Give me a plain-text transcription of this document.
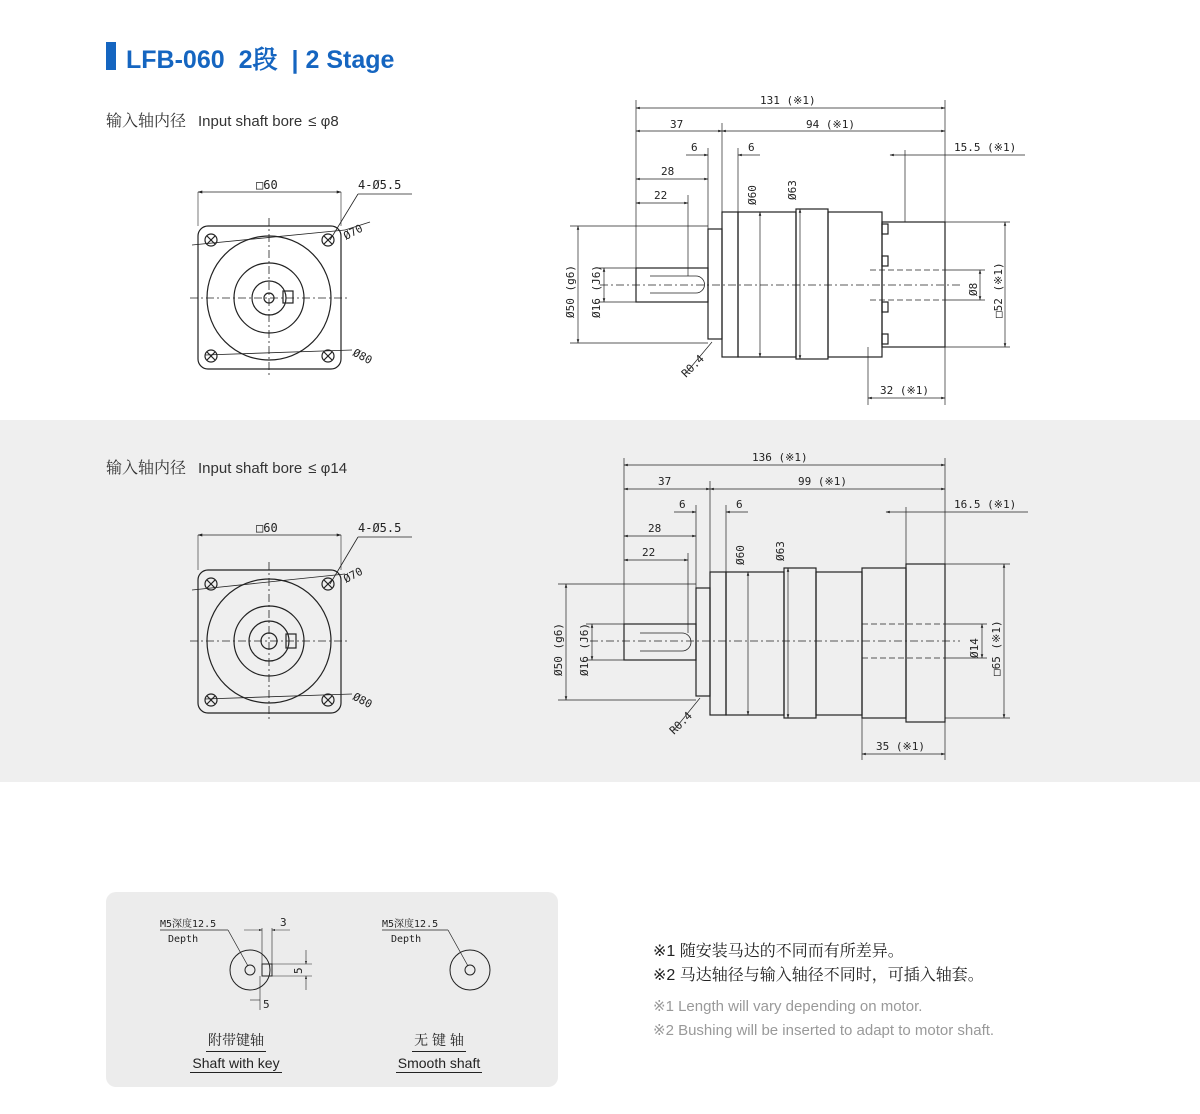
LFB-060 2段 | 2 Stage
输入轴内径 Input shaft bore ≤ φ8
输入轴内径 Input shaft bore ≤ φ14
□60	4-Ø5.5
Ø70
Ø80
131 (※1)
37	94 (※1)
6	6	15.5 (※1)
28
22	Ø60 Ø63
Ø50 (g6) Ø16 (J6)	Ø8 □52 (※1)
R0.4
32 (※1)
□60	4-Ø5.5
Ø70
Ø80
136 (※1)
37	99 (※1)
6	6	16.5 (※1)
28
22	Ø60 Ø63
Ø50 (g6) Ø16 (J6)	Ø14 □65 (※1)
R0.4
35 (※1)
M5深度12.5
Depth
3
5
5
M5深度12.5
Depth
附带键轴
Shaft with key
无 键 轴
Smooth shaft
※1 随安装马达的不同而有所差异。
※2 马达轴径与输入轴径不同时，可插入轴套。
※1 Length will vary depending on motor.
※2 Bushing will be inserted to adapt to motor shaft.
